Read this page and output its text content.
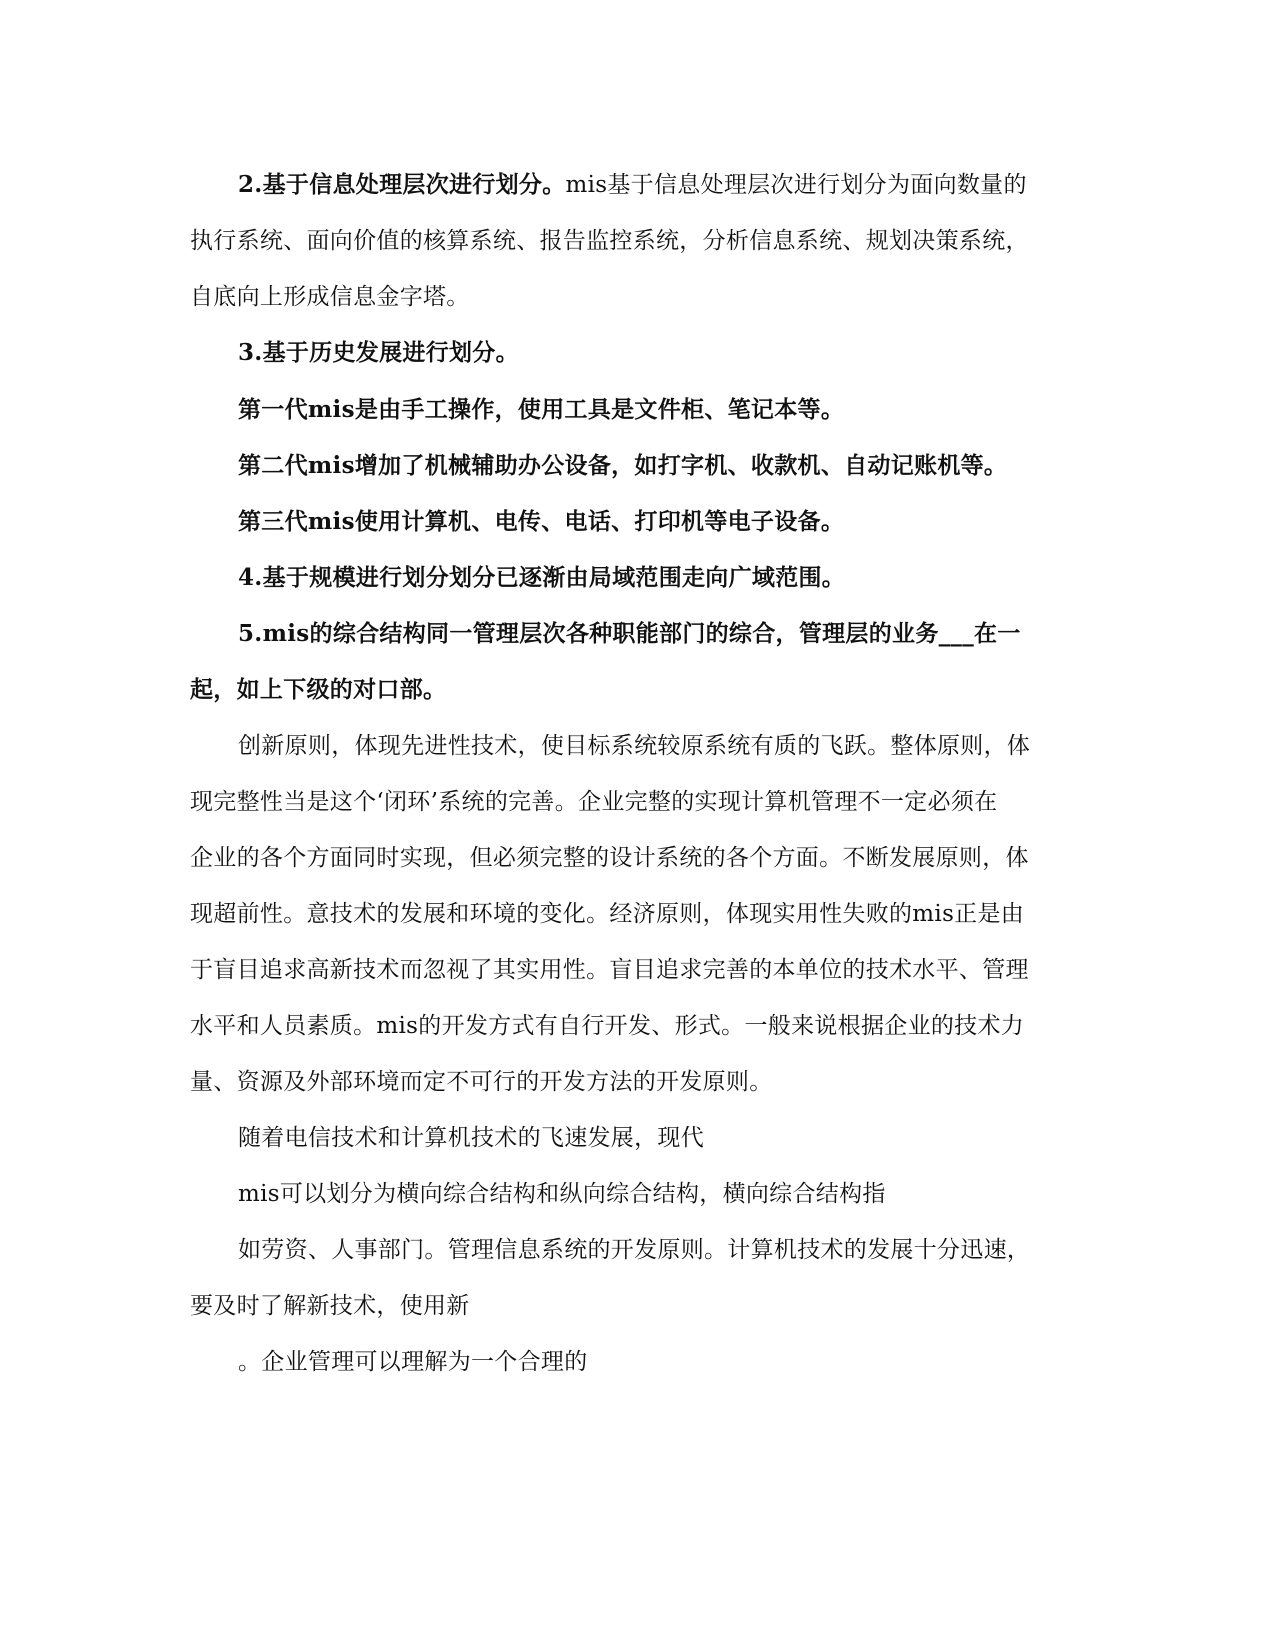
2.基于信息处理层次进行划分。mis基于信息处理层次进行划分为面向数量的
执行系统、面向价值的核算系统、报告监控系统，分析信息系统、规划决策系统，
自底向上形成信息金字塔。
3.基于历史发展进行划分。
第一代mis是由手工操作，使用工具是文件柜、笔记本等。
第二代mis增加了机械辅助办公设备，如打字机、收款机、自动记账机等。
第三代mis使用计算机、电传、电话、打印机等电子设备。
4.基于规模进行划分划分已逐渐由局域范围走向广域范围。
5.mis的综合结构同一管理层次各种职能部门的综合，管理层的业务___在一
起，如上下级的对口部。
创新原则，体现先进性技术，使目标系统较原系统有质的飞跃。整体原则，体
现完整性当是这个‘闭环’系统的完善。企业完整的实现计算机管理不一定必须在
企业的各个方面同时实现，但必须完整的设计系统的各个方面。不断发展原则，体
现超前性。意技术的发展和环境的变化。经济原则，体现实用性失败的mis正是由
于盲目追求高新技术而忽视了其实用性。盲目追求完善的本单位的技术水平、管理
水平和人员素质。mis的开发方式有自行开发、形式。一般来说根据企业的技术力
量、资源及外部环境而定不可行的开发方法的开发原则。
随着电信技术和计算机技术的飞速发展，现代
mis可以划分为横向综合结构和纵向综合结构，横向综合结构指
如劳资、人事部门。管理信息系统的开发原则。计算机技术的发展十分迅速，
要及时了解新技术，使用新
。企业管理可以理解为一个合理的
